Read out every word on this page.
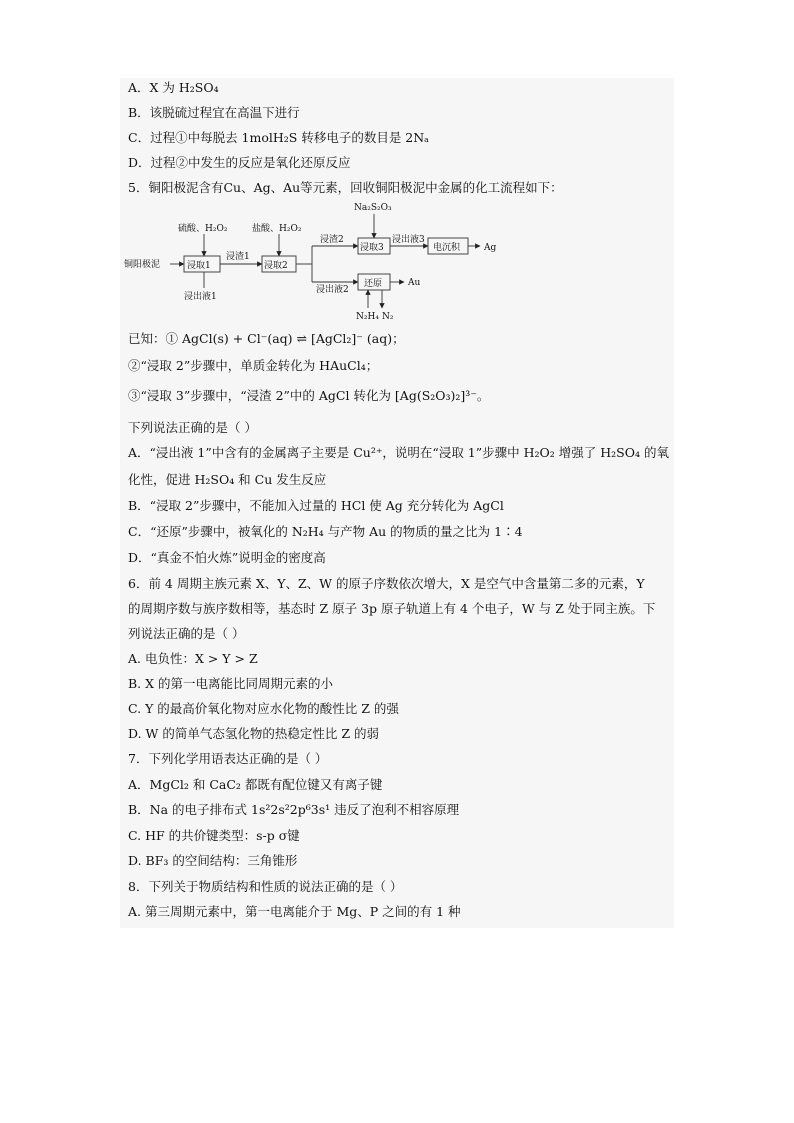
A．X 为 H₂SO₄
B．该脱硫过程宜在高温下进行
C．过程①中每脱去 1molH₂S 转移电子的数目是 2Nₐ
D．过程②中发生的反应是氧化还原反应
5．铜阳极泥含有Cu、Ag、Au等元素，回收铜阳极泥中金属的化工流程如下：
铜阳极泥
硫酸、H₂O₂
浸取1
浸出液1
浸渣1
盐酸、H₂O₂
浸取2
浸渣2
Na₂S₂O₃
浸取3
浸出液3
电沉积	Ag
浸出液2
还原	Au
N₂H₄ N₂
已知：① AgCl(s) + Cl⁻(aq) ⇌ [AgCl₂]⁻ (aq)；
②“浸取 2”步骤中，单质金转化为 HAuCl₄；
③“浸取 3”步骤中，“浸渣 2”中的 AgCl 转化为 [Ag(S₂O₃)₂]³⁻。
下列说法正确的是（ ）
A．“浸出液 1”中含有的金属离子主要是 Cu²⁺，说明在“浸取 1”步骤中 H₂O₂ 增强了 H₂SO₄ 的氧
化性，促进 H₂SO₄ 和 Cu 发生反应
B．“浸取 2”步骤中，不能加入过量的 HCl 使 Ag 充分转化为 AgCl
C．“还原”步骤中，被氧化的 N₂H₄ 与产物 Au 的物质的量之比为 1∶4
D．“真金不怕火炼”说明金的密度高
6．前 4 周期主族元素 X、Y、Z、W 的原子序数依次增大，X 是空气中含量第二多的元素，Y
的周期序数与族序数相等，基态时 Z 原子 3p 原子轨道上有 4 个电子，W 与 Z 处于同主族。下
列说法正确的是（ ）
A. 电负性：X > Y > Z
B. X 的第一电离能比同周期元素的小
C. Y 的最高价氧化物对应水化物的酸性比 Z 的强
D. W 的简单气态氢化物的热稳定性比 Z 的弱
7．下列化学用语表达正确的是（ ）
A．MgCl₂ 和 CaC₂ 都既有配位键又有离子键
B．Na 的电子排布式 1s²2s²2p⁶3s¹ 违反了泡利不相容原理
C. HF 的共价键类型：s-p σ键
D. BF₃ 的空间结构：三角锥形
8．下列关于物质结构和性质的说法正确的是（ ）
A. 第三周期元素中，第一电离能介于 Mg、P 之间的有 1 种
